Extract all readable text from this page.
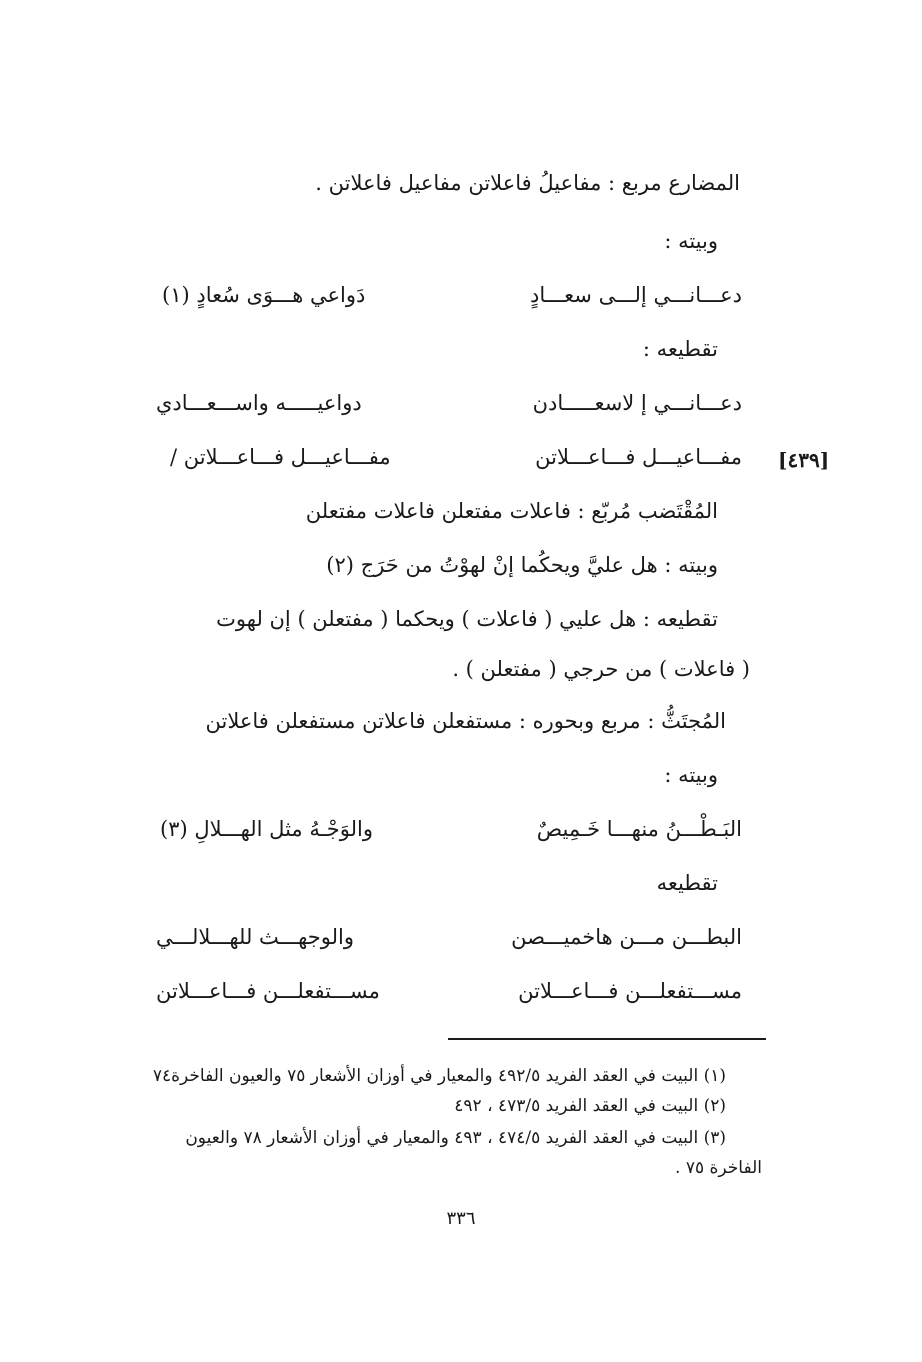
المضارع مربع : مفاعيلُ فاعلاتن مفاعيل فاعلاتن .
وبيته :
دعـــانـــي إلـــى سعـــادٍ
دَواعي هـــوَى سُعادٍ (١)
تقطيعه :
دعـــانـــي إ لاسعـــــادن
دواعيـــــه واســـعـــادي
مفـــاعيـــل فـــاعـــلاتن
مفـــاعيـــل فـــاعـــلاتن /	[٤٣٩]
المُقْتَضب مُربّع : فاعلات مفتعلن فاعلات مفتعلن
وبيته : هل عليَّ ويحكُما إنْ لهوْتُ من حَرَج (٢)
تقطيعه : هل عليي ( فاعلات ) ويحكما ( مفتعلن ) إن لهوت
( فاعلات ) من حرجي ( مفتعلن ) .
المُجتَثُّ : مربع وبحوره : مستفعلن فاعلاتن مستفعلن فاعلاتن
وبيته :
البَـطْـــنُ منهـــا خَـمِيصٌ
والوَجْـهُ مثل الهـــلالِ (٣)
تقطيعه
البطـــن مـــن هاخميـــصن
والوجهـــث للهـــلالـــي
مســـتفعلـــن فـــاعـــلاتن
مســـتفعلـــن فـــاعـــلاتن
(١) البيت في العقد الفريد ٤٩٢/٥ والمعيار في أوزان الأشعار ٧٥ والعيون الفاخرة٧٤
(٢) البيت في العقد الفريد ٤٧٣/٥ ، ٤٩٢
(٣) البيت في العقد الفريد ٤٧٤/٥ ، ٤٩٣ والمعيار في أوزان الأشعار ٧٨ والعيون
الفاخرة ٧٥ .
٣٣٦
